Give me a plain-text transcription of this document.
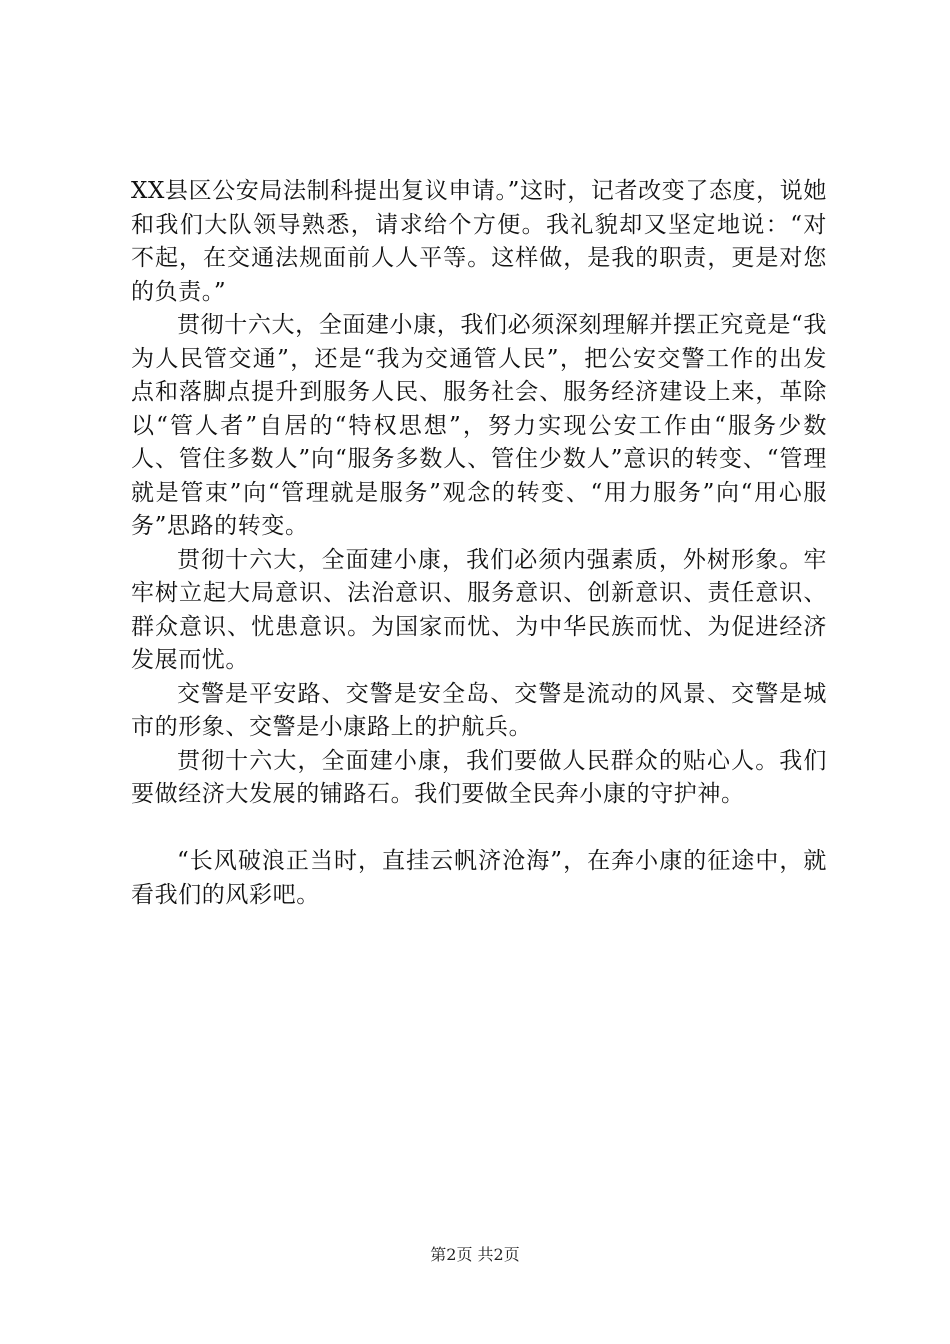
XX县区公安局法制科提出复议申请。”这时，记者改变了态度，说她和我们大队领导熟悉，请求给个方便。我礼貌却又坚定地说：“对不起，在交通法规面前人人平等。这样做，是我的职责，更是对您的负责。”

贯彻十六大，全面建小康，我们必须深刻理解并摆正究竟是“我为人民管交通”，还是“我为交通管人民”，把公安交警工作的出发点和落脚点提升到服务人民、服务社会、服务经济建设上来，革除以“管人者”自居的“特权思想”，努力实现公安工作由“服务少数人、管住多数人”向“服务多数人、管住少数人”意识的转变、“管理就是管束”向“管理就是服务”观念的转变、“用力服务”向“用心服务”思路的转变。

贯彻十六大，全面建小康，我们必须内强素质，外树形象。牢牢树立起大局意识、法治意识、服务意识、创新意识、责任意识、群众意识、忧患意识。为国家而忧、为中华民族而忧、为促进经济发展而忧。

交警是平安路、交警是安全岛、交警是流动的风景、交警是城市的形象、交警是小康路上的护航兵。

贯彻十六大，全面建小康，我们要做人民群众的贴心人。我们要做经济大发展的铺路石。我们要做全民奔小康的守护神。

“长风破浪正当时，直挂云帆济沧海”，在奔小康的征途中，就看我们的风彩吧。

第2页 共2页
